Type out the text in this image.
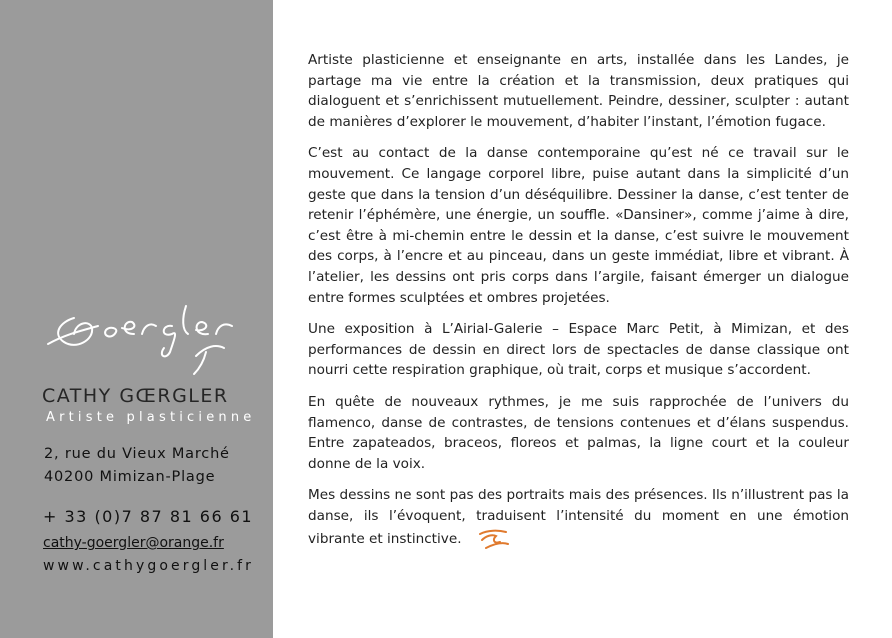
CATHY GŒRGLER
Artiste plasticienne
2, rue du Vieux Marché
40200 Mimizan-Plage
+ 33 (0)7 87 81 66 61
cathy-goergler@orange.fr
www.cathygoergler.fr

Artiste plasticienne et enseignante en arts, installée dans les Landes, je partage ma vie entre la création et la transmission, deux pratiques qui dialoguent et s’enrichissent mutuellement. Peindre, dessiner, sculpter : autant de manières d’explorer le mouvement, d’habiter l’instant, l’émotion fugace.

C’est au contact de la danse contemporaine qu’est né ce travail sur le mouvement. Ce langage corporel libre, puise autant dans la simplicité d’un geste que dans la tension d’un déséquilibre. Dessiner la danse, c’est tenter de retenir l’éphémère, une énergie, un souffle. «Dansiner», comme j’aime à dire, c’est être à mi-chemin entre le dessin et la danse, c’est suivre le mouvement des corps, à l’encre et au pinceau, dans un geste immédiat, libre et vibrant. À l’atelier, les dessins ont pris corps dans l’argile, faisant émerger un dialogue entre formes sculptées et ombres projetées.

Une exposition à L’Airial-Galerie – Espace Marc Petit, à Mimizan, et des performances de dessin en direct lors de spectacles de danse classique ont nourri cette respiration graphique, où trait, corps et musique s’accordent.

En quête de nouveaux rythmes, je me suis rapprochée de l’univers du flamenco, danse de contrastes, de tensions contenues et d’élans suspendus. Entre zapateados, braceos, floreos et palmas, la ligne court et la couleur donne de la voix.

Mes dessins ne sont pas des portraits mais des présences. Ils n’illustrent pas la danse, ils l’évoquent, traduisent l’intensité du moment en une émotion vibrante et instinctive.
